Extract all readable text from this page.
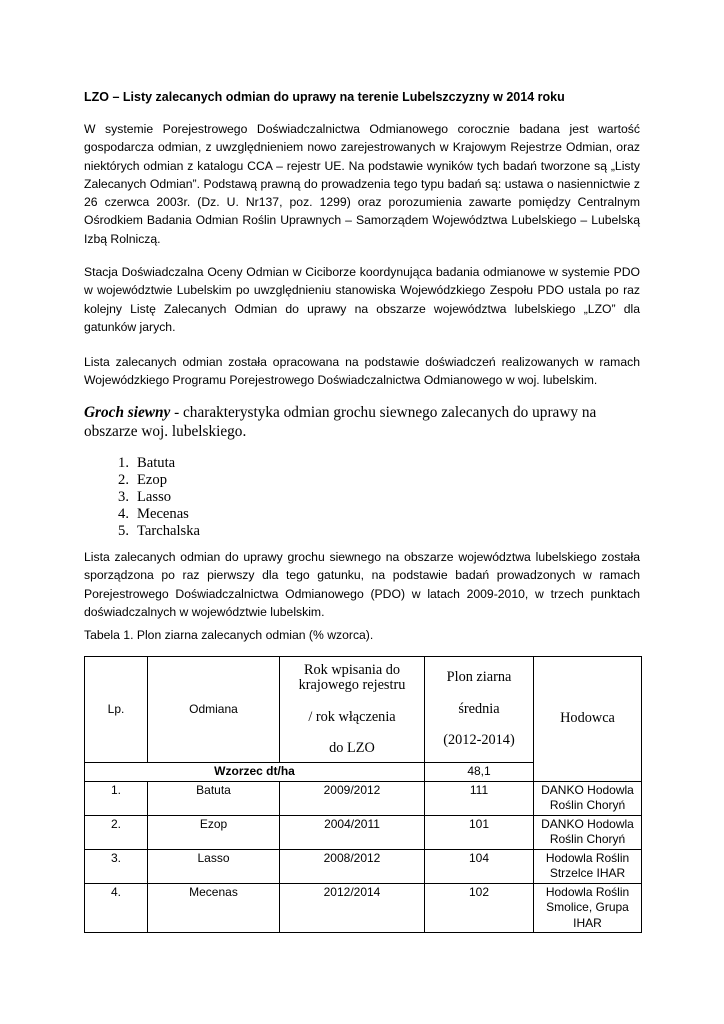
LZO – Listy zalecanych odmian do uprawy na terenie Lubelszczyzny w 2014 roku

W systemie Porejestrowego Doświadczalnictwa Odmianowego corocznie badana jest wartość gospodarcza odmian, z uwzględnieniem nowo zarejestrowanych w Krajowym Rejestrze Odmian, oraz niektórych odmian z katalogu CCA – rejestr UE. Na podstawie wyników tych badań tworzone są „Listy Zalecanych Odmian”. Podstawą prawną do prowadzenia tego typu badań są: ustawa o nasiennictwie z 26 czerwca 2003r. (Dz. U. Nr137, poz. 1299) oraz porozumienia zawarte pomiędzy Centralnym Ośrodkiem Badania Odmian Roślin Uprawnych – Samorządem Województwa Lubelskiego – Lubelską Izbą Rolniczą.

Stacja Doświadczalna Oceny Odmian w Ciciborze koordynująca badania odmianowe w systemie PDO w województwie Lubelskim po uwzględnieniu stanowiska Wojewódzkiego Zespołu PDO ustala po raz kolejny Listę Zalecanych Odmian do uprawy na obszarze województwa lubelskiego „LZO” dla gatunków jarych.

Lista zalecanych odmian została opracowana na podstawie doświadczeń realizowanych w ramach Wojewódzkiego Programu Porejestrowego Doświadczalnictwa Odmianowego w woj. lubelskim.

Groch siewny - charakterystyka odmian grochu siewnego zalecanych do uprawy na obszarze woj. lubelskiego.
1. Batuta
2. Ezop
3. Lasso
4. Mecenas
5. Tarchalska

Lista zalecanych odmian do uprawy grochu siewnego na obszarze województwa lubelskiego została sporządzona po raz pierwszy dla tego gatunku, na podstawie badań prowadzonych w ramach Porejestrowego Doświadczalnictwa Odmianowego (PDO) w latach 2009-2010, w trzech punktach doświadczalnych w województwie lubelskim.

Tabela 1. Plon ziarna zalecanych odmian (% wzorca).
Lp.	Odmiana	Rok wpisania do
krajowego rejestru
/ rok włączenia
do LZO	Plon ziarna
średnia
(2012-2014)	Hodowca
Wzorzec dt/ha			48,1	
1.	Batuta	2009/2012	111	DANKO Hodowla Roślin Choryń
2.	Ezop	2004/2011	101	DANKO Hodowla Roślin Choryń
3.	Lasso	2008/2012	104	Hodowla Roślin Strzelce IHAR
4.	Mecenas	2012/2014	102	Hodowla Roślin Smolice, Grupa IHAR
